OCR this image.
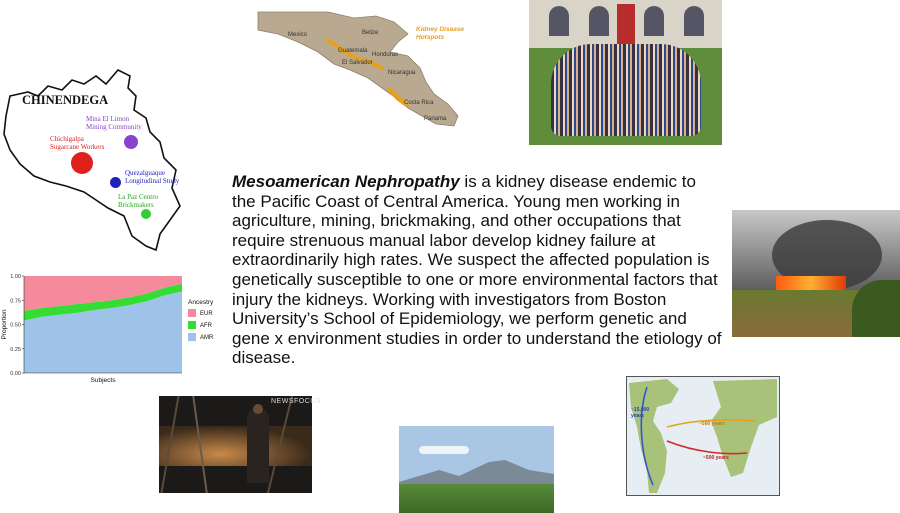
CHINENDEGA
Mina El Limon
Mining Community
Chichigalpa
Sugarcane Workers
Quezalguaque
Longitudinal Study
La Paz Centro
Brickmakers
Mexico	Belize
Guatemala
Honduras
El Salvador
Nicaragua
Costa Rica
Panama
Kidney Disease
Hotspots
0.00
0.25
0.50
0.75
1.00
Proportion
Subjects
Ancestry
EUR
AFR
AMR
Mesoamerican Nephropathy is a kidney disease endemic to the Pacific Coast of Central America. Young men working in agriculture, mining, brickmaking, and other occupations that require strenuous manual labor develop kidney failure at extraordinarily high rates. We suspect the affected population is genetically susceptible to one or more environmental factors that injury the kidneys. Working with investigators from Boston University’s School of Epidemiology, we perform genetic and gene x environment studies in order to understand the etiology of disease.
NEWSFOCUS
~15,000 years
~500 years
~500 years
